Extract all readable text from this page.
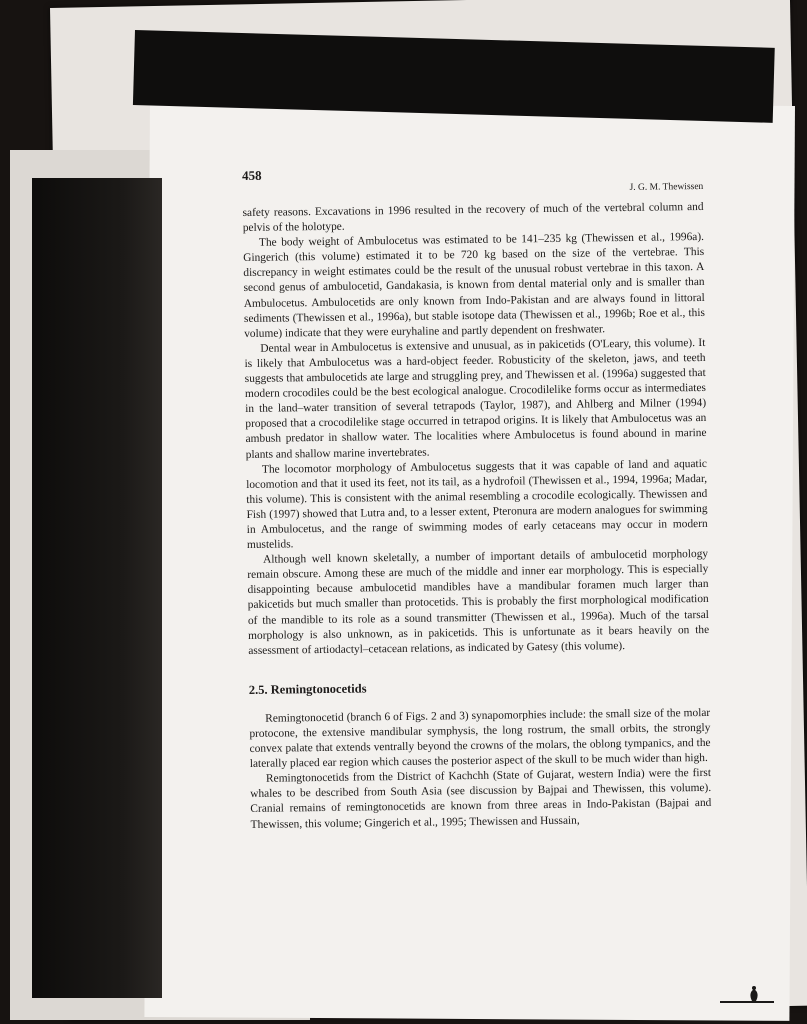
458
J. G. M. Thewissen

safety reasons. Excavations in 1996 resulted in the recovery of much of the vertebral column and pelvis of the holotype.

The body weight of Ambulocetus was estimated to be 141–235 kg (Thewissen et al., 1996a). Gingerich (this volume) estimated it to be 720 kg based on the size of the vertebrae. This discrepancy in weight estimates could be the result of the unusual robust vertebrae in this taxon. A second genus of ambulocetid, Gandakasia, is known from dental material only and is smaller than Ambulocetus. Ambulocetids are only known from Indo-Pakistan and are always found in littoral sediments (Thewissen et al., 1996a), but stable isotope data (Thewissen et al., 1996b; Roe et al., this volume) indicate that they were euryhaline and partly dependent on freshwater.

Dental wear in Ambulocetus is extensive and unusual, as in pakicetids (O'Leary, this volume). It is likely that Ambulocetus was a hard-object feeder. Robusticity of the skeleton, jaws, and teeth suggests that ambulocetids ate large and struggling prey, and Thewissen et al. (1996a) suggested that modern crocodiles could be the best ecological analogue. Crocodilelike forms occur as intermediates in the land–water transition of several tetrapods (Taylor, 1987), and Ahlberg and Milner (1994) proposed that a crocodilelike stage occurred in tetrapod origins. It is likely that Ambulocetus was an ambush predator in shallow water. The localities where Ambulocetus is found abound in marine plants and shallow marine invertebrates.

The locomotor morphology of Ambulocetus suggests that it was capable of land and aquatic locomotion and that it used its feet, not its tail, as a hydrofoil (Thewissen et al., 1994, 1996a; Madar, this volume). This is consistent with the animal resembling a crocodile ecologically. Thewissen and Fish (1997) showed that Lutra and, to a lesser extent, Pteronura are modern analogues for swimming in Ambulocetus, and the range of swimming modes of early cetaceans may occur in modern mustelids.

Although well known skeletally, a number of important details of ambulocetid morphology remain obscure. Among these are much of the middle and inner ear morphology. This is especially disappointing because ambulocetid mandibles have a mandibular foramen much larger than pakicetids but much smaller than protocetids. This is probably the first morphological modification of the mandible to its role as a sound transmitter (Thewissen et al., 1996a). Much of the tarsal morphology is also unknown, as in pakicetids. This is unfortunate as it bears heavily on the assessment of artiodactyl–cetacean relations, as indicated by Gatesy (this volume).

2.5. Remingtonocetids

Remingtonocetid (branch 6 of Figs. 2 and 3) synapomorphies include: the small size of the molar protocone, the extensive mandibular symphysis, the long rostrum, the small orbits, the strongly convex palate that extends ventrally beyond the crowns of the molars, the oblong tympanics, and the laterally placed ear region which causes the posterior aspect of the skull to be much wider than high.

Remingtonocetids from the District of Kachchh (State of Gujarat, western India) were the first whales to be described from South Asia (see discussion by Bajpai and Thewissen, this volume). Cranial remains of remingtonocetids are known from three areas in Indo-Pakistan (Bajpai and Thewissen, this volume; Gingerich et al., 1995; Thewissen and Hussain,
